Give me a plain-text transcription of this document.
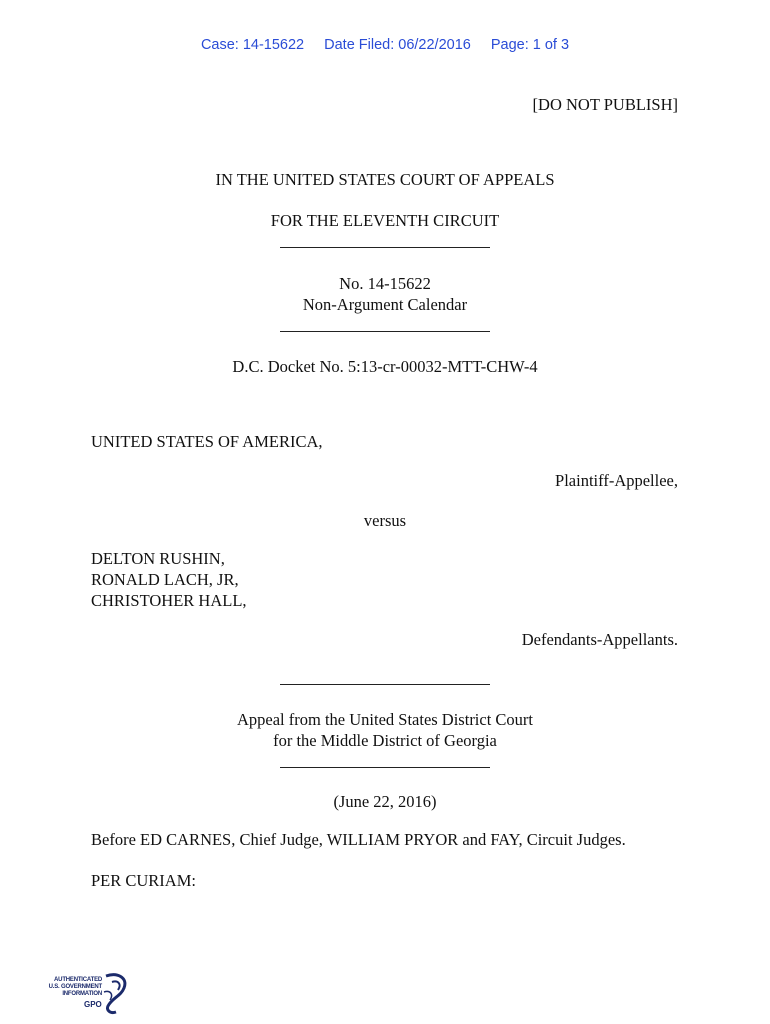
Case: 14-15622 Date Filed: 06/22/2016 Page: 1 of 3
[DO NOT PUBLISH]
IN THE UNITED STATES COURT OF APPEALS
FOR THE ELEVENTH CIRCUIT
No. 14-15622
Non-Argument Calendar
D.C. Docket No. 5:13-cr-00032-MTT-CHW-4
UNITED STATES OF AMERICA,
Plaintiff-Appellee,
versus
DELTON RUSHIN,
RONALD LACH, JR,
CHRISTOHER HALL,
Defendants-Appellants.
Appeal from the United States District Court
for the Middle District of Georgia
(June 22, 2016)
Before ED CARNES, Chief Judge, WILLIAM PRYOR and FAY, Circuit Judges.
PER CURIAM:
AUTHENTICATED
U.S. GOVERNMENT
INFORMATION
GPO
